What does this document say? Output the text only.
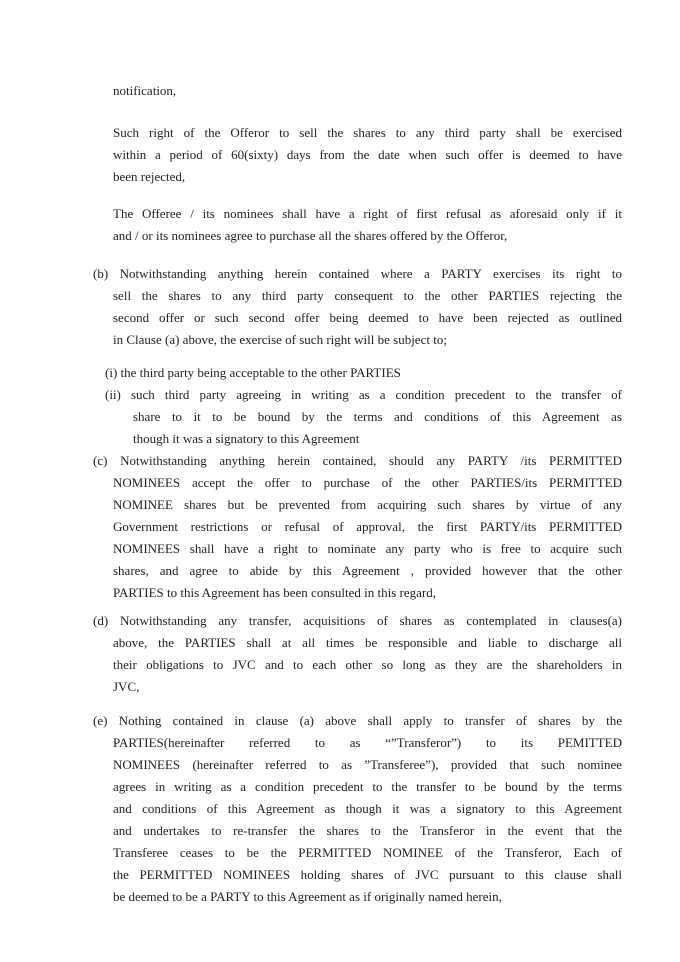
notification,
Such right of the Offeror to sell the shares to any third party shall be exercised
within a period of 60(sixty) days from the date when such offer is deemed to have
been rejected,
The Offeree / its nominees shall have a right of first refusal as aforesaid only if it
and / or its nominees agree to purchase all the shares offered by the Offeror,
(b) Notwithstanding anything herein contained where a PARTY exercises its right to
sell the shares to any third party consequent to the other PARTIES rejecting the
second offer or such second offer being deemed to have been rejected as outlined
in Clause (a) above, the exercise of such right will be subject to;
(i) the third party being acceptable to the other PARTIES
(ii) such third party agreeing in writing as a condition precedent to the transfer of
share to it to be bound by the terms and conditions of this Agreement as
though it was a signatory to this Agreement
(c) Notwithstanding anything herein contained, should any PARTY /its PERMITTED
NOMINEES accept the offer to purchase of the other PARTIES/its PERMITTED
NOMINEE shares but be prevented from acquiring such shares by virtue of any
Government restrictions or refusal of approval, the first PARTY/its PERMITTED
NOMINEES shall have a right to nominate any party who is free to acquire such
shares, and agree to abide by this Agreement , provided however that the other
PARTIES to this Agreement has been consulted in this regard,
(d) Notwithstanding any transfer, acquisitions of shares as contemplated in clauses(a)
above, the PARTIES shall at all times be responsible and liable to discharge all
their obligations to JVC and to each other so long as they are the shareholders in
JVC,
(e) Nothing contained in clause (a) above shall apply to transfer of shares by the
PARTIES(hereinafter referred to as “”Transferor”) to its PEMITTED
NOMINEES (hereinafter referred to as ”Transferee”), provided that such nominee
agrees in writing as a condition precedent to the transfer to be bound by the terms
and conditions of this Agreement as though it was a signatory to this Agreement
and undertakes to re-transfer the shares to the Transferor in the event that the
Transferee ceases to be the PERMITTED NOMINEE of the Transferor, Each of
the PERMITTED NOMINEES holding shares of JVC pursuant to this clause shall
be deemed to be a PARTY to this Agreement as if originally named herein,
